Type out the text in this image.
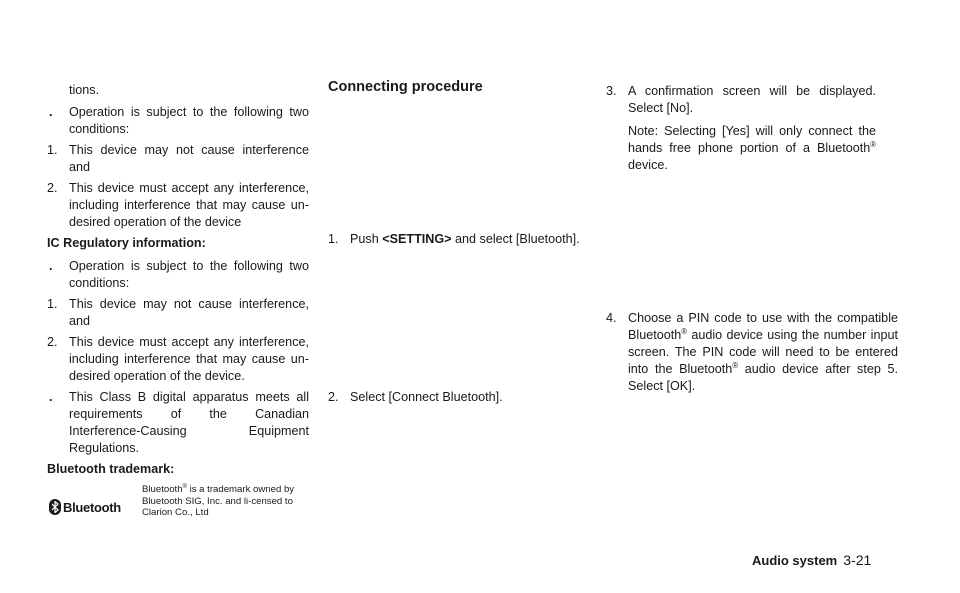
tions.

. Operation is subject to the following two conditions:
1. This device may not cause interference and
2. This device must accept any interference, including interference that may cause un-desired operation of the device

IC Regulatory information:

. Operation is subject to the following two conditions:
1. This device may not cause interference, and
2. This device must accept any interference, including interference that may cause un-desired operation of the device.
. This Class B digital apparatus meets all requirements of the Canadian Interference-Causing Equipment Regulations.

Bluetooth trademark:

Bluetooth

Bluetooth® is a trademark owned by Bluetooth SIG, Inc. and li-censed to Clarion Co., Ltd

Connecting procedure

1. Push <SETTING> and select [Bluetooth].
2. Select [Connect Bluetooth].
3. A confirmation screen will be displayed. Select [No].

Note: Selecting [Yes] will only connect the hands free phone portion of a Bluetooth® device.

4. Choose a PIN code to use with the compatible Bluetooth® audio device using the number input screen. The PIN code will need to be entered into the Bluetooth® audio device after step 5. Select [OK].
Audio system 3-21
